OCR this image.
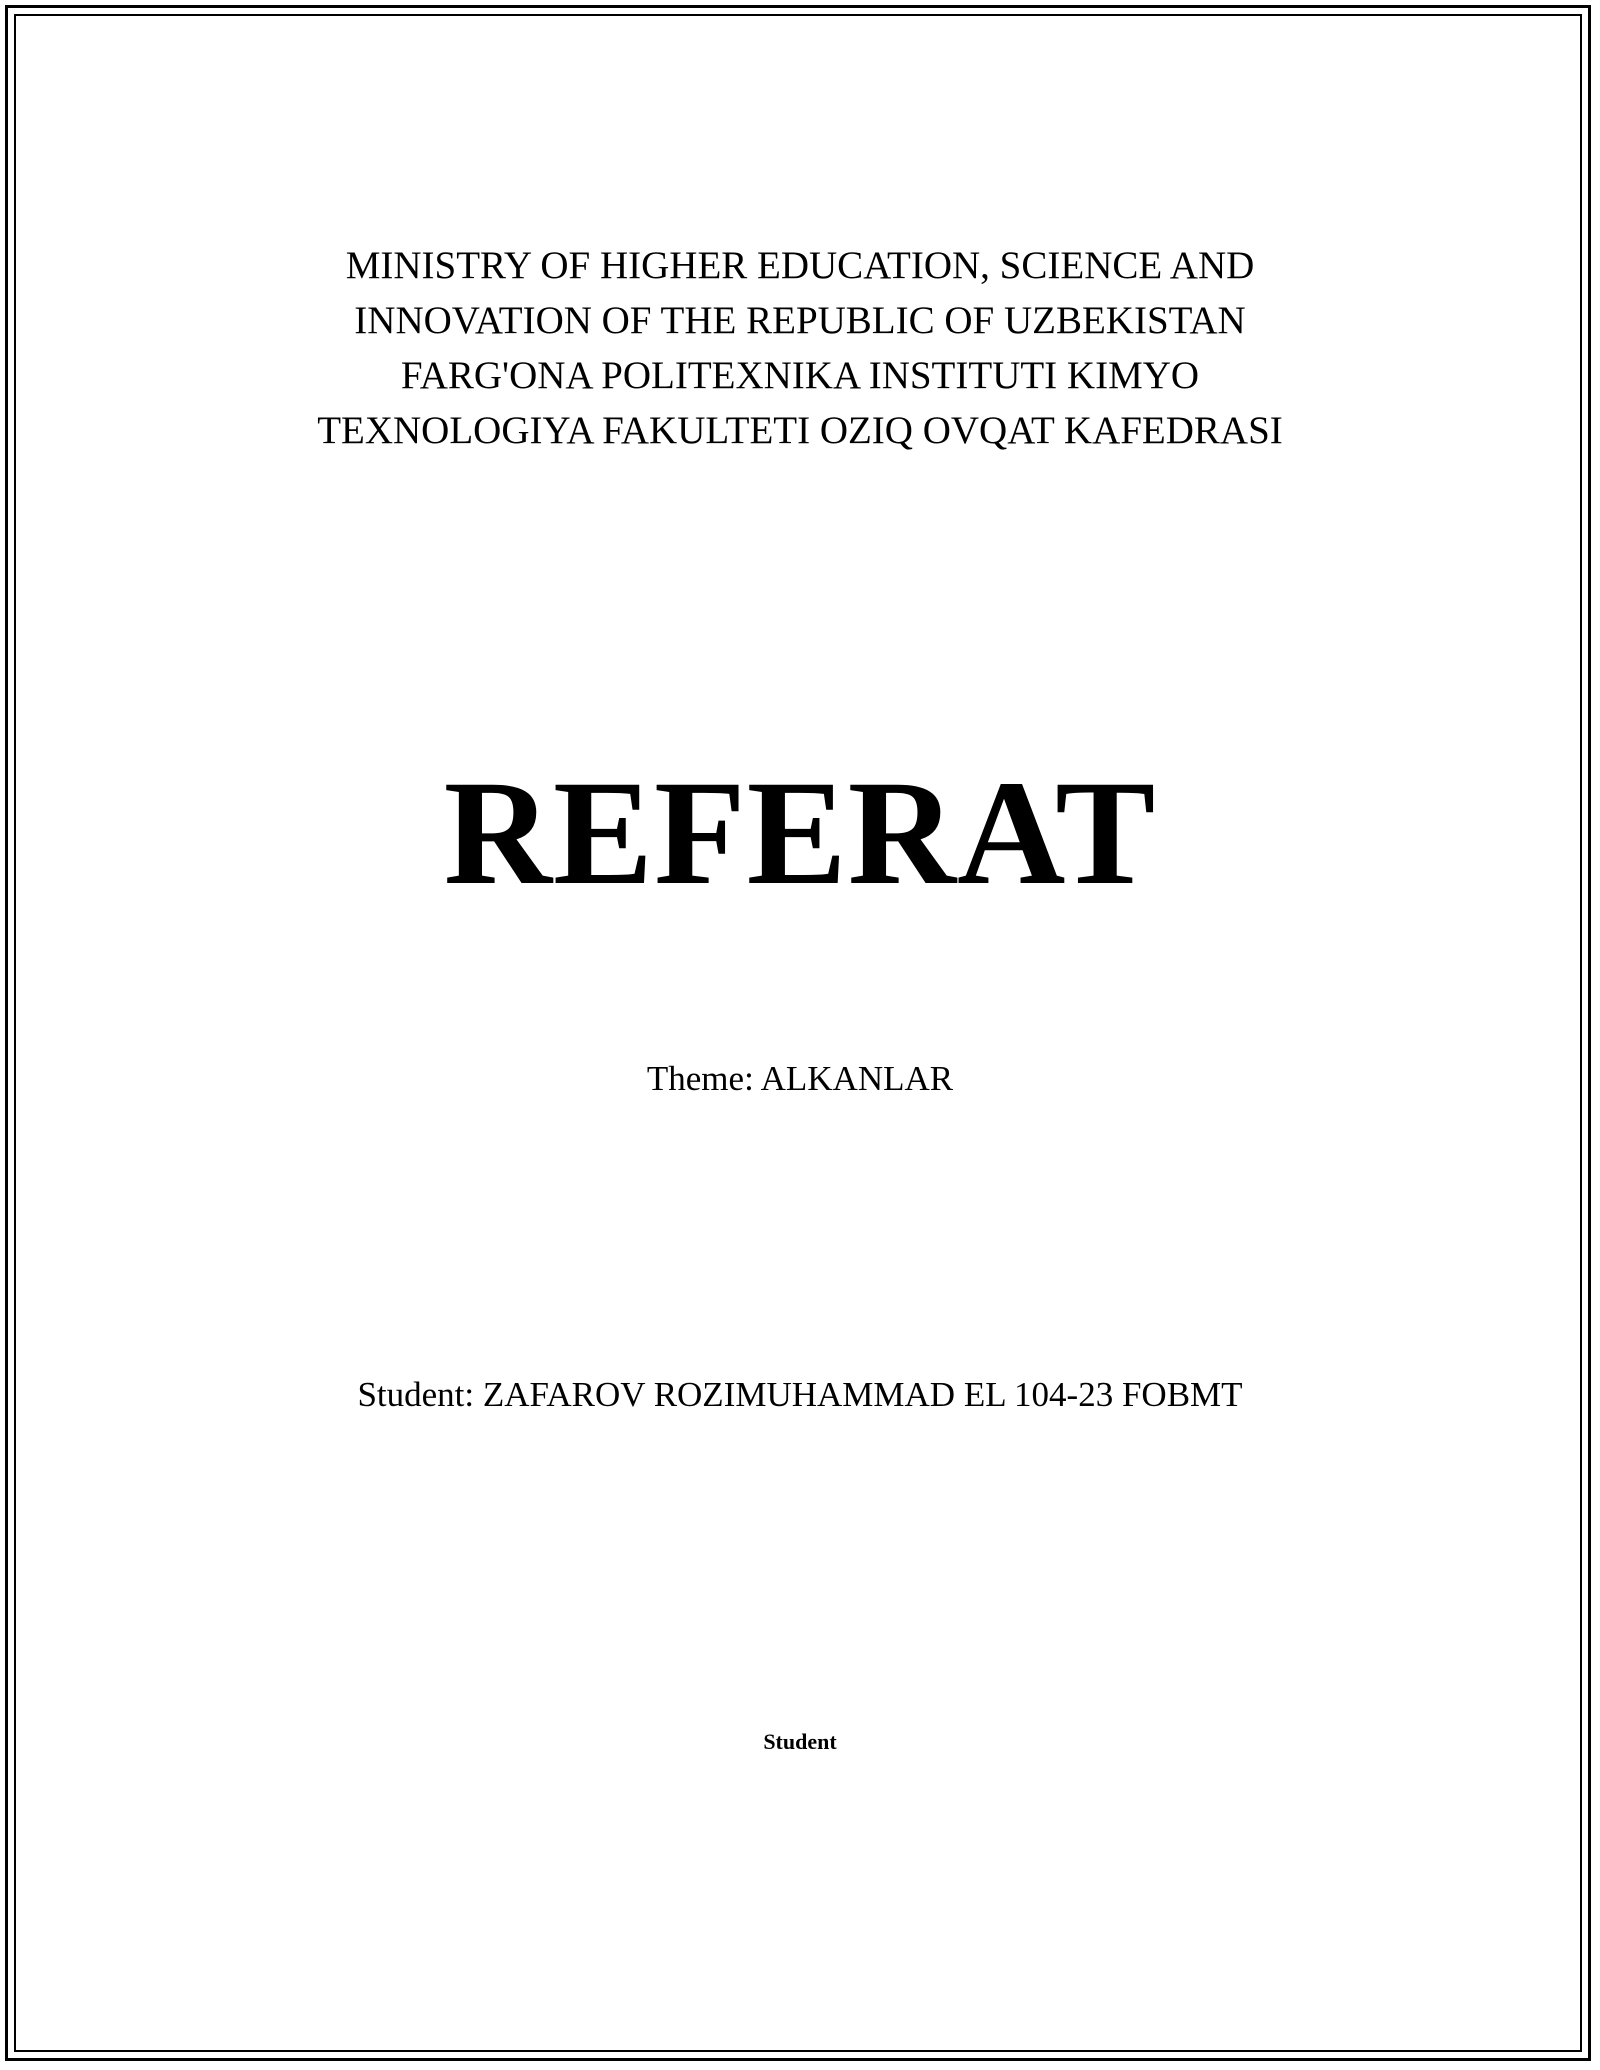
MINISTRY OF HIGHER EDUCATION, SCIENCE AND
INNOVATION OF THE REPUBLIC OF UZBEKISTAN
FARG'ONA POLITEXNIKA INSTITUTI KIMYO
TEXNOLOGIYA FAKULTETI OZIQ OVQAT KAFEDRASI
REFERAT
Theme: ALKANLAR
Student: ZAFAROV ROZIMUHAMMAD EL 104-23 FOBMT
Student
